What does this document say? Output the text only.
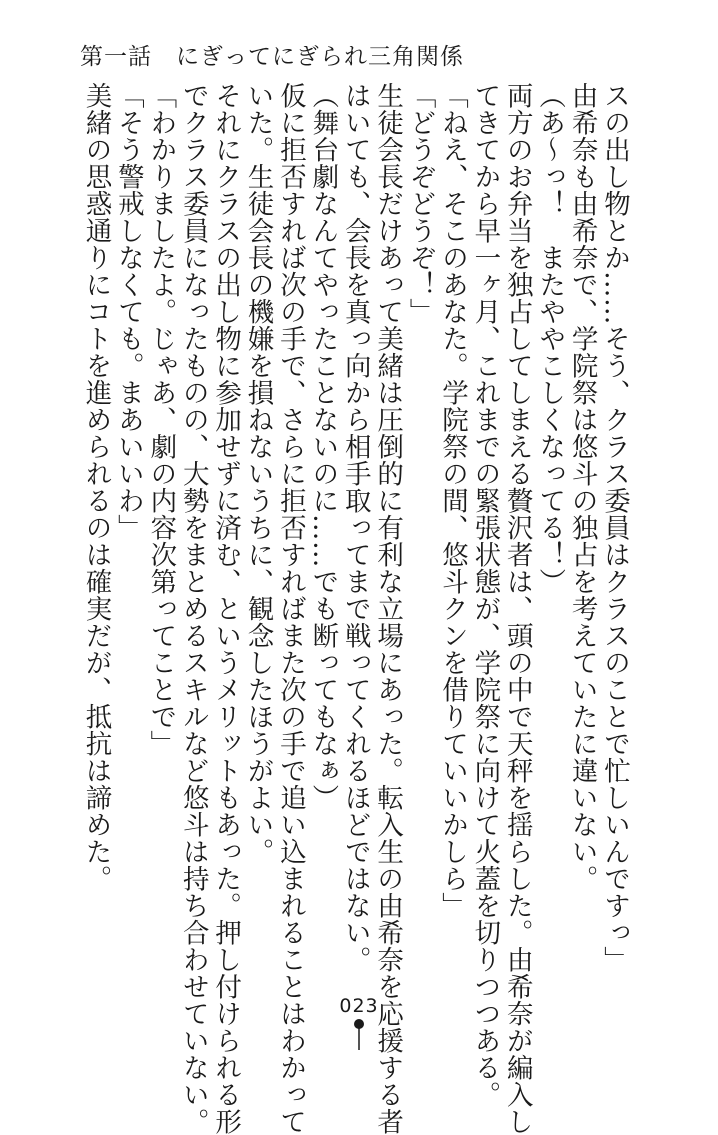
第一話　にぎってにぎられ三角関係
スの出し物とか……そう、クラス委員はクラスのことで忙しいんですっ」
由希奈も由希奈で、学院祭は悠斗の独占を考えていたに違いない。
（あ〜っ！　またややこしくなってる！）
両方のお弁当を独占してしまえる贅沢者は、頭の中で天秤を揺らした。由希奈が編入し
てきてから早一ヶ月、これまでの緊張状態が、学院祭に向けて火蓋を切りつつある。
「ねえ、そこのあなた。学院祭の間、悠斗クンを借りていいかしら」
「どうぞどうぞ！」
生徒会長だけあって美緒は圧倒的に有利な立場にあった。転入生の由希奈を応援する者
はいても、会長を真っ向から相手取ってまで戦ってくれるほどではない。
（舞台劇なんてやったことないのに……でも断ってもなぁ）
仮に拒否すれば次の手で、さらに拒否すればまた次の手で追い込まれることはわかって
いた。生徒会長の機嫌を損ねないうちに、観念したほうがよい。
それにクラスの出し物に参加せずに済む、というメリットもあった。押し付けられる形
でクラス委員になったものの、大勢をまとめるスキルなど悠斗は持ち合わせていない。
「わかりましたよ。じゃあ、劇の内容次第ってことで」
「そう警戒しなくても。まあいいわ」
美緒の思惑通りにコトを進められるのは確実だが、抵抗は諦めた。
023
